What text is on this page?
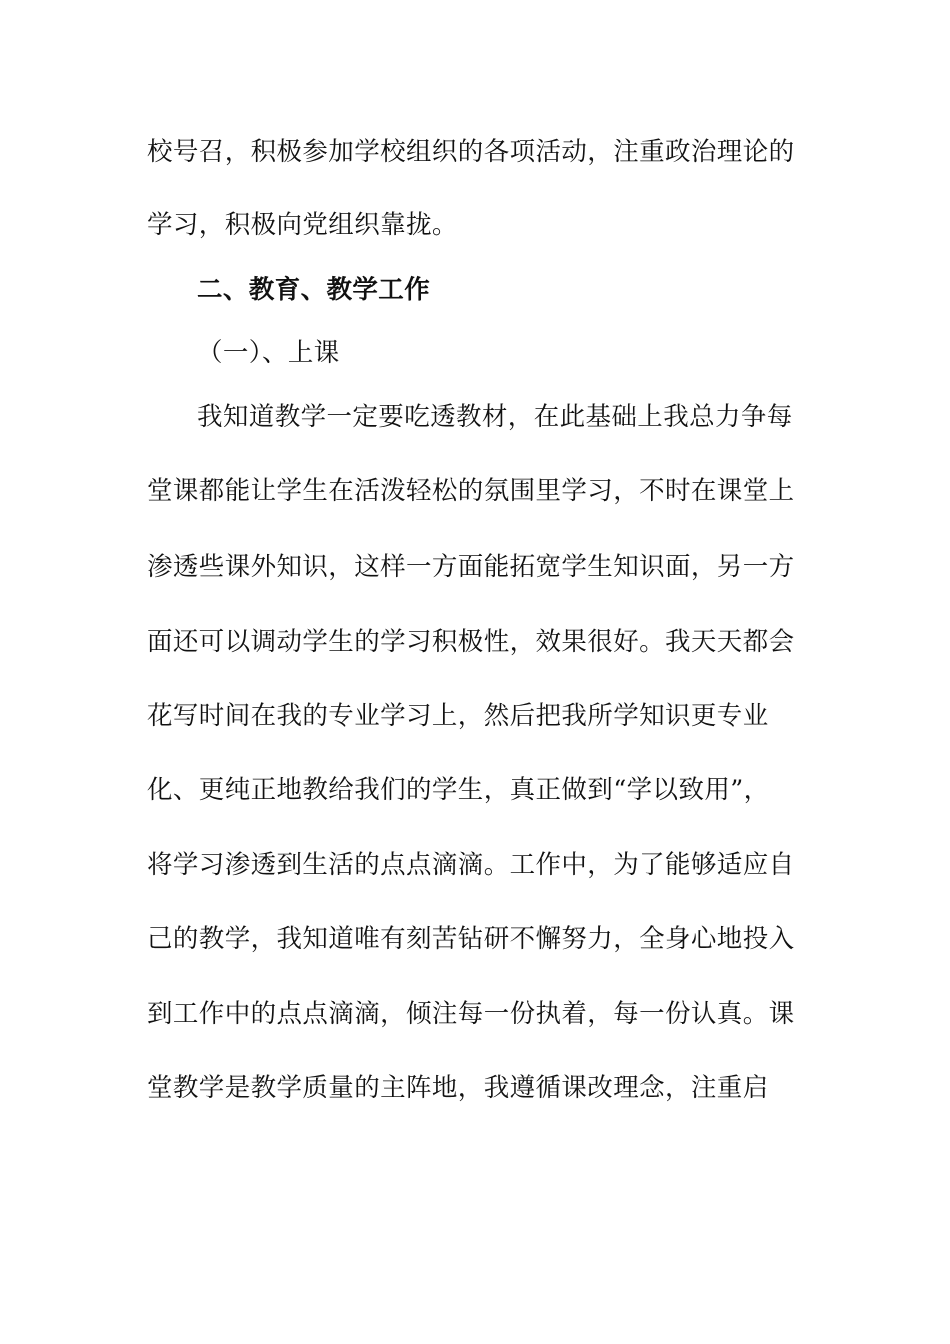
校号召，积极参加学校组织的各项活动，注重政治理论的
学习，积极向党组织靠拢。
二、教育、教学工作
（一）、上课
我知道教学一定要吃透教材，在此基础上我总力争每
堂课都能让学生在活泼轻松的氛围里学习，不时在课堂上
渗透些课外知识，这样一方面能拓宽学生知识面，另一方
面还可以调动学生的学习积极性，效果很好。我天天都会
花写时间在我的专业学习上，然后把我所学知识更专业
化、更纯正地教给我们的学生，真正做到“学以致用”，
将学习渗透到生活的点点滴滴。工作中，为了能够适应自
己的教学，我知道唯有刻苦钻研不懈努力，全身心地投入
到工作中的点点滴滴，倾注每一份执着，每一份认真。课
堂教学是教学质量的主阵地，我遵循课改理念，注重启
